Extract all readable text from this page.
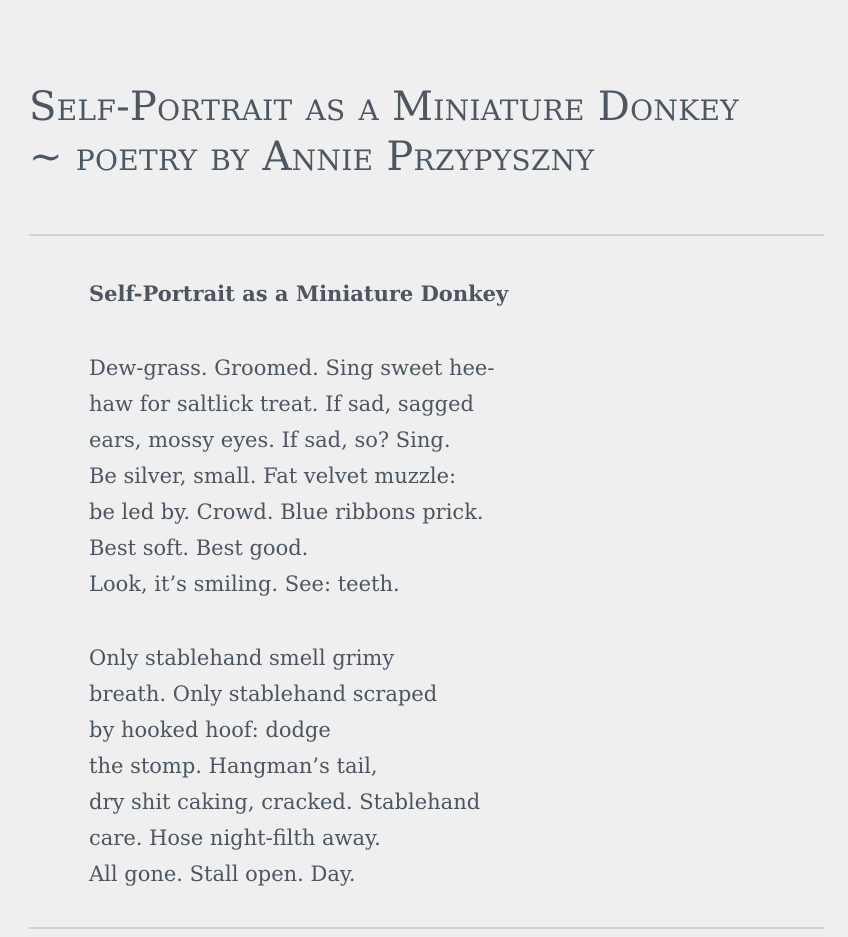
Self-Portrait as a Miniature Donkey
~ poetry by Annie Przypyszny
Self-Portrait as a Miniature Donkey
Dew-grass. Groomed. Sing sweet hee-
haw for saltlick treat. If sad, sagged
ears, mossy eyes. If sad, so? Sing.
Be silver, small. Fat velvet muzzle:
be led by. Crowd. Blue ribbons prick.
Best soft. Best good.
Look, it’s smiling. See: teeth.
Only stablehand smell grimy
breath. Only stablehand scraped
by hooked hoof: dodge
the stomp. Hangman’s tail,
dry shit caking, cracked. Stablehand
care. Hose night-filth away.
All gone. Stall open. Day.
